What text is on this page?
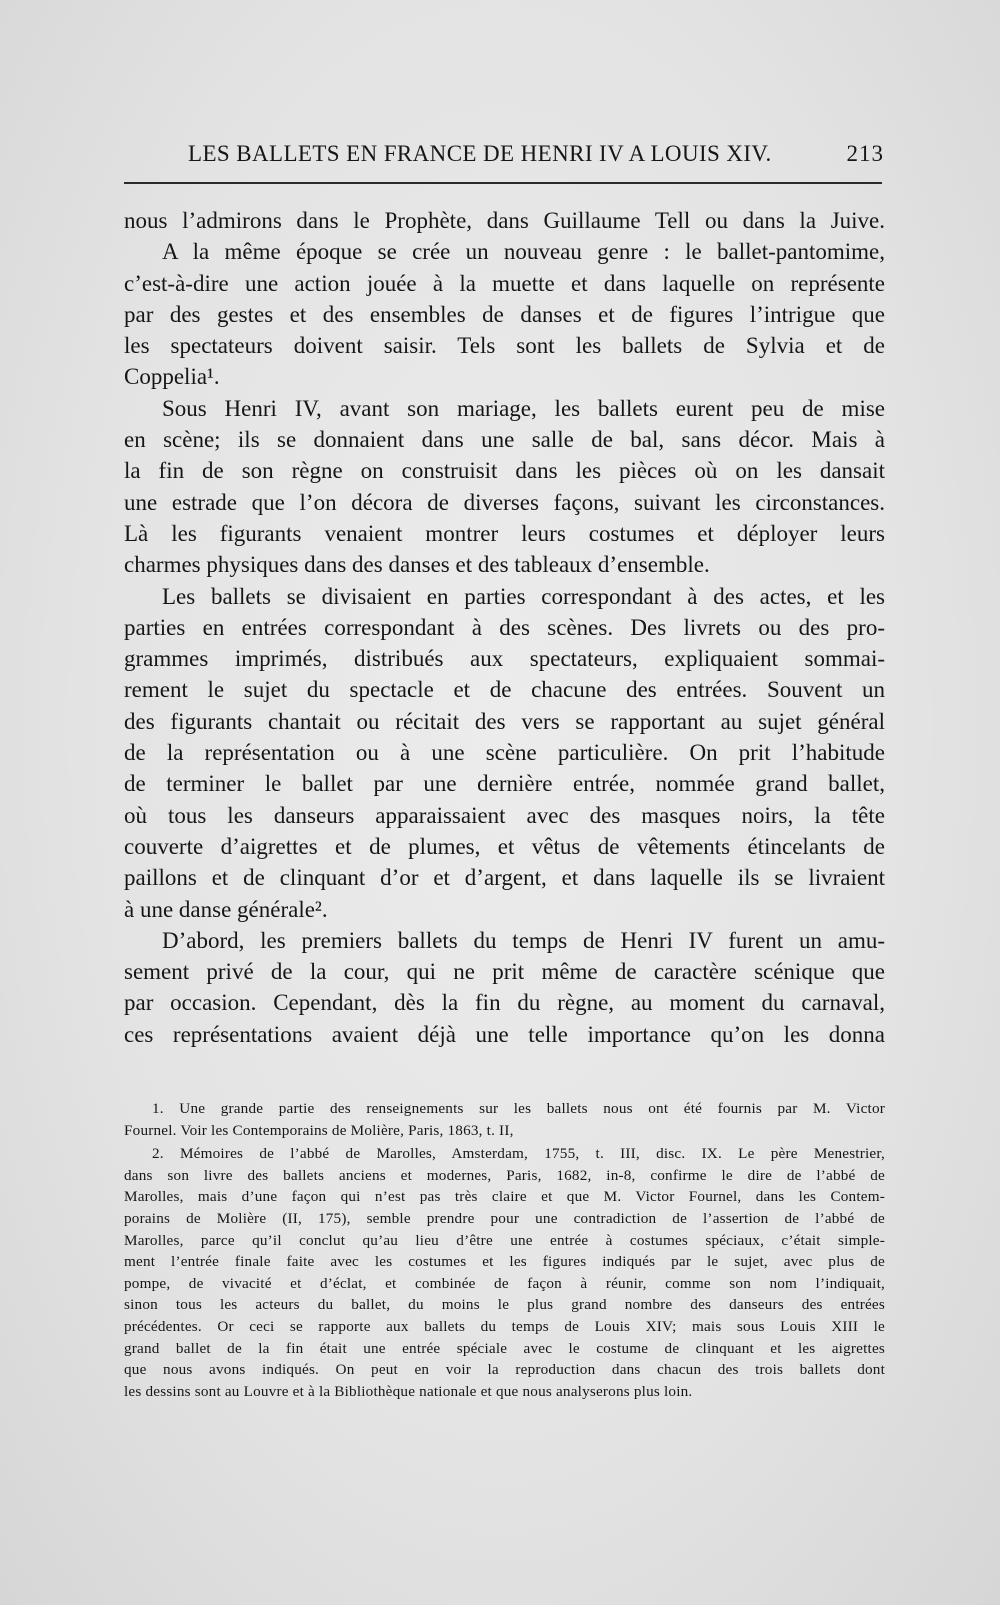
LES BALLETS EN FRANCE DE HENRI IV A LOUIS XIV.	213
nous l’admirons dans le Prophète, dans Guillaume Tell ou dans la Juive.
A la même époque se crée un nouveau genre : le ballet-pantomime,
c’est-à-dire une action jouée à la muette et dans laquelle on représente
par des gestes et des ensembles de danses et de figures l’intrigue que
les spectateurs doivent saisir. Tels sont les ballets de Sylvia et de
Coppelia¹.
Sous Henri IV, avant son mariage, les ballets eurent peu de mise
en scène; ils se donnaient dans une salle de bal, sans décor. Mais à
la fin de son règne on construisit dans les pièces où on les dansait
une estrade que l’on décora de diverses façons, suivant les circonstances.
Là les figurants venaient montrer leurs costumes et déployer leurs
charmes physiques dans des danses et des tableaux d’ensemble.
Les ballets se divisaient en parties correspondant à des actes, et les
parties en entrées correspondant à des scènes. Des livrets ou des pro-
grammes imprimés, distribués aux spectateurs, expliquaient sommai-
rement le sujet du spectacle et de chacune des entrées. Souvent un
des figurants chantait ou récitait des vers se rapportant au sujet général
de la représentation ou à une scène particulière. On prit l’habitude
de terminer le ballet par une dernière entrée, nommée grand ballet,
où tous les danseurs apparaissaient avec des masques noirs, la tête
couverte d’aigrettes et de plumes, et vêtus de vêtements étincelants de
paillons et de clinquant d’or et d’argent, et dans laquelle ils se livraient
à une danse générale².
D’abord, les premiers ballets du temps de Henri IV furent un amu-
sement privé de la cour, qui ne prit même de caractère scénique que
par occasion. Cependant, dès la fin du règne, au moment du carnaval,
ces représentations avaient déjà une telle importance qu’on les donna
1. Une grande partie des renseignements sur les ballets nous ont été fournis par M. Victor
Fournel. Voir les Contemporains de Molière, Paris, 1863, t. II,
2. Mémoires de l’abbé de Marolles, Amsterdam, 1755, t. III, disc. IX. Le père Menestrier,
dans son livre des ballets anciens et modernes, Paris, 1682, in-8, confirme le dire de l’abbé de
Marolles, mais d’une façon qui n’est pas très claire et que M. Victor Fournel, dans les Contem-
porains de Molière (II, 175), semble prendre pour une contradiction de l’assertion de l’abbé de
Marolles, parce qu’il conclut qu’au lieu d’être une entrée à costumes spéciaux, c’était simple-
ment l’entrée finale faite avec les costumes et les figures indiqués par le sujet, avec plus de
pompe, de vivacité et d’éclat, et combinée de façon à réunir, comme son nom l’indiquait,
sinon tous les acteurs du ballet, du moins le plus grand nombre des danseurs des entrées
précédentes. Or ceci se rapporte aux ballets du temps de Louis XIV; mais sous Louis XIII le
grand ballet de la fin était une entrée spéciale avec le costume de clinquant et les aigrettes
que nous avons indiqués. On peut en voir la reproduction dans chacun des trois ballets dont
les dessins sont au Louvre et à la Bibliothèque nationale et que nous analyserons plus loin.
